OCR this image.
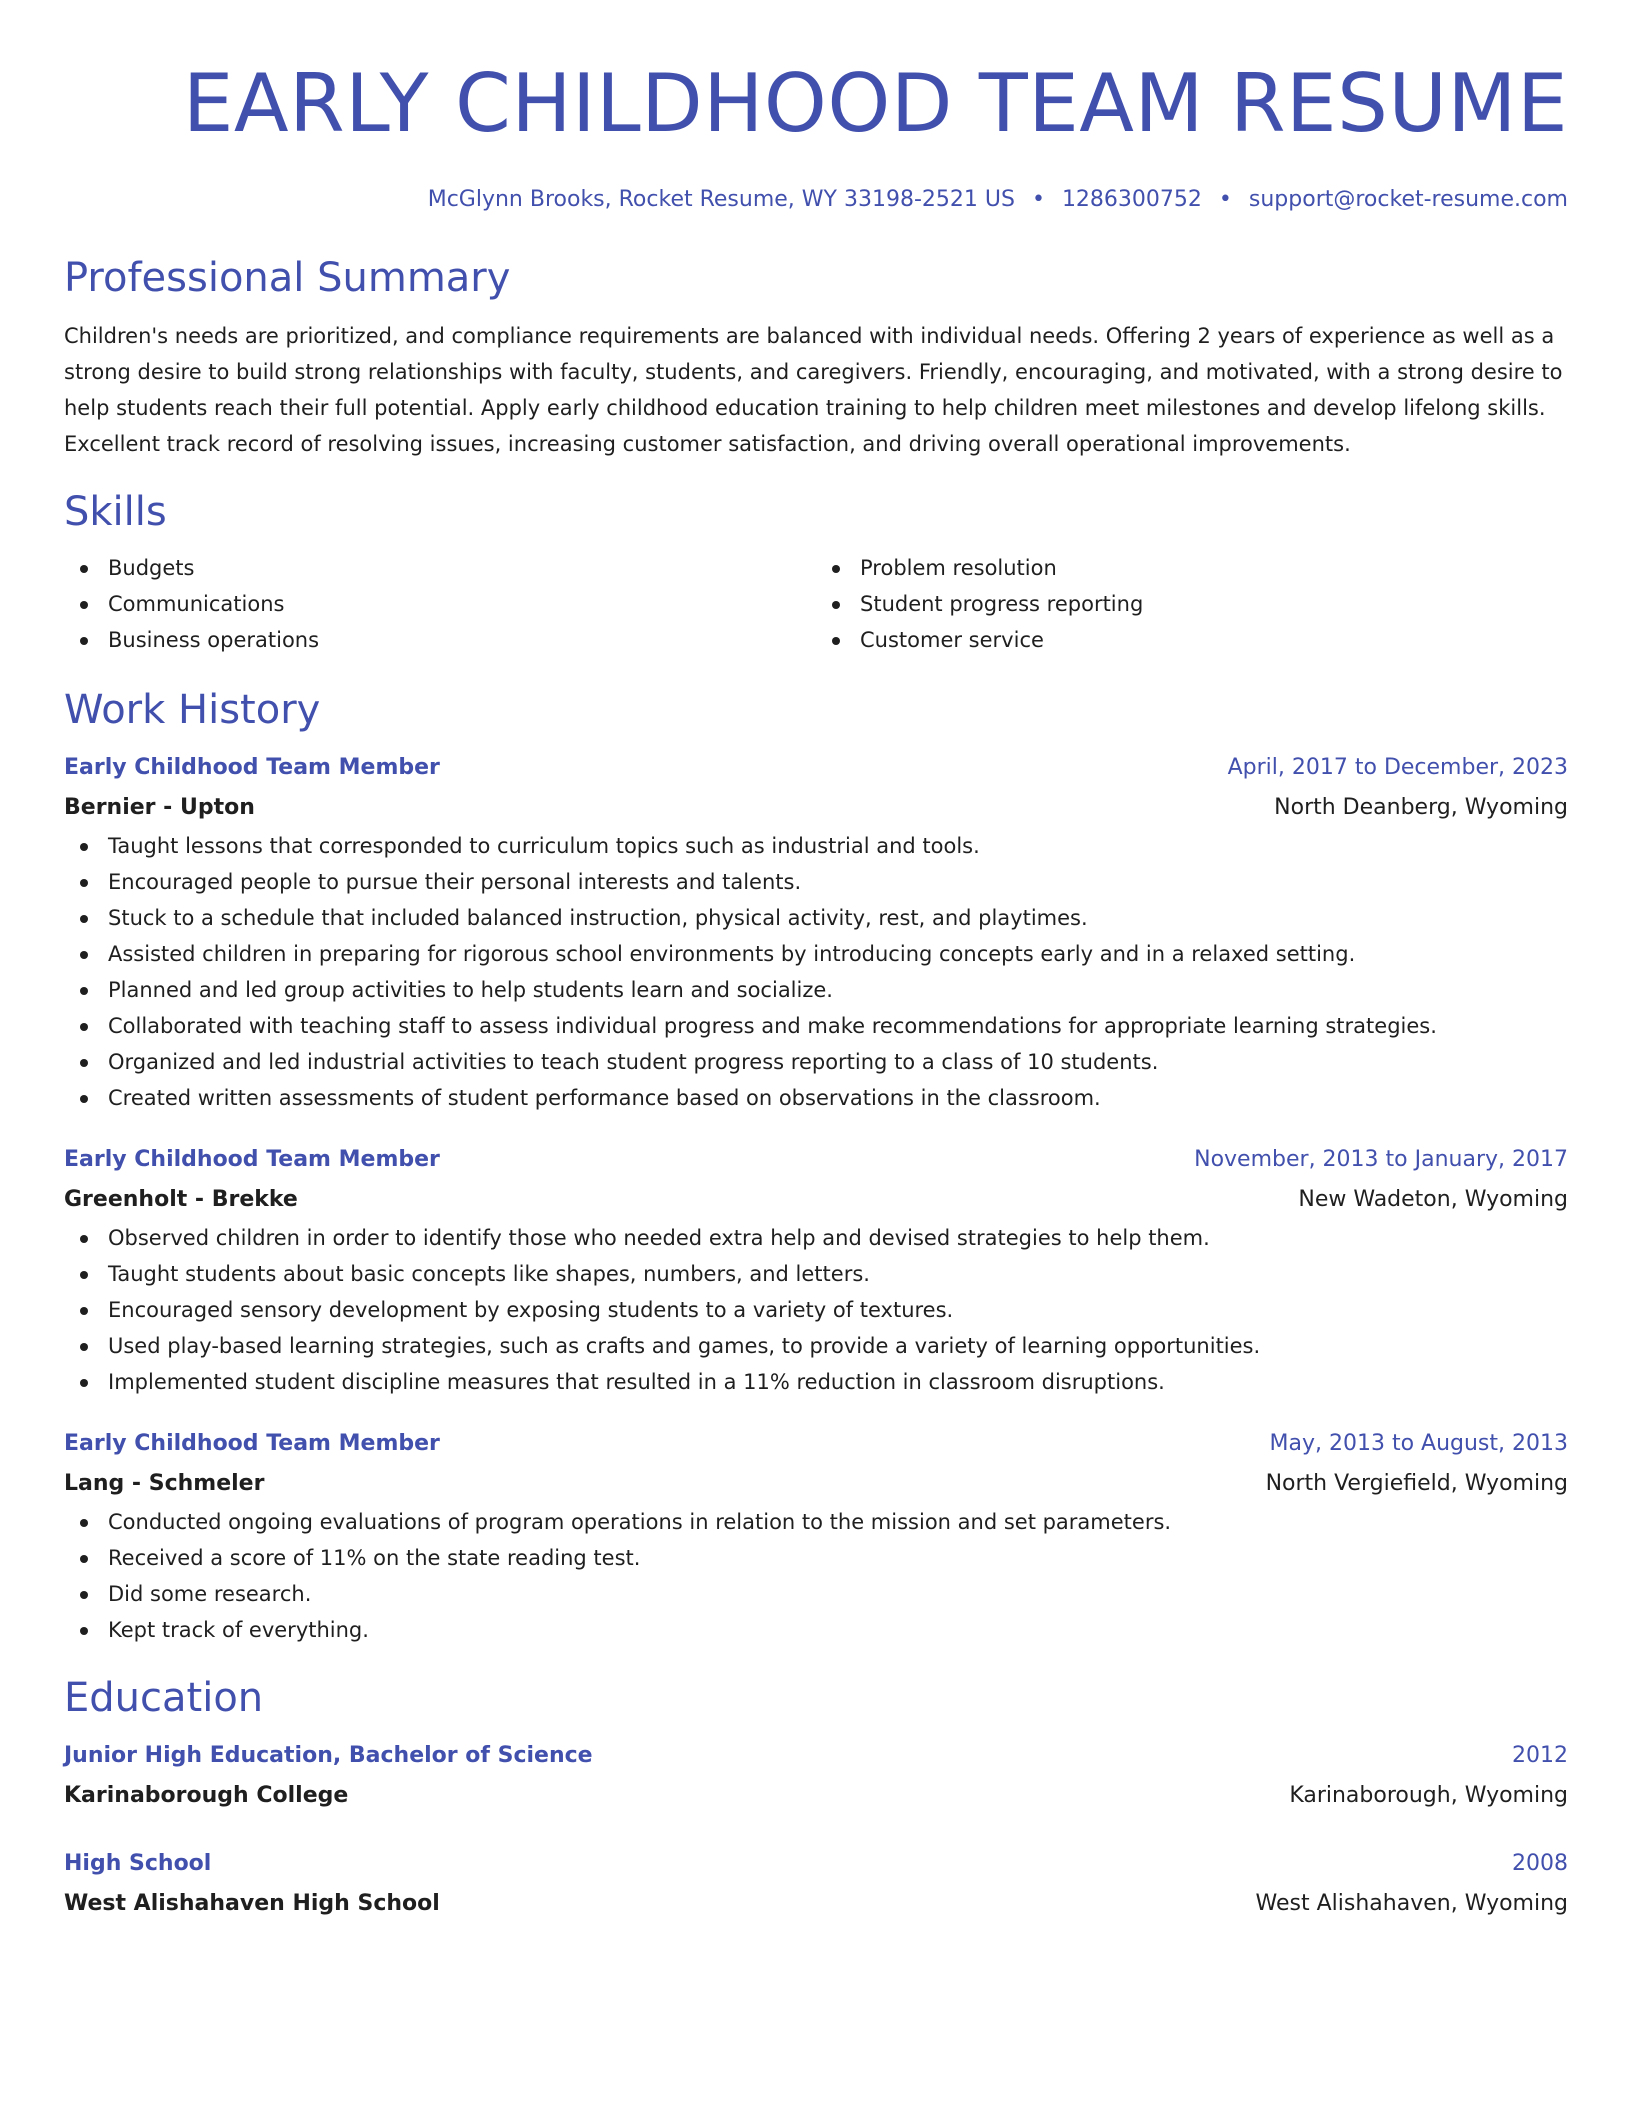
EARLY CHILDHOOD TEAM RESUME
McGlynn Brooks, Rocket Resume, WY 33198-2521 US • 1286300752 • support@rocket-resume.com
Professional Summary

Children's needs are prioritized, and compliance requirements are balanced with individual needs. Offering 2 years of experience as well as a strong desire to build strong relationships with faculty, students, and caregivers. Friendly, encouraging, and motivated, with a strong desire to help students reach their full potential. Apply early childhood education training to help children meet milestones and develop lifelong skills. Excellent track record of resolving issues, increasing customer satisfaction, and driving overall operational improvements.

Skills
Budgets
Communications
Business operations
Problem resolution
Student progress reporting
Customer service
Work History
Early Childhood Team Member	April, 2017 to December, 2023
Bernier - Upton	North Deanberg, Wyoming
Taught lessons that corresponded to curriculum topics such as industrial and tools.
Encouraged people to pursue their personal interests and talents.
Stuck to a schedule that included balanced instruction, physical activity, rest, and playtimes.
Assisted children in preparing for rigorous school environments by introducing concepts early and in a relaxed setting.
Planned and led group activities to help students learn and socialize.
Collaborated with teaching staff to assess individual progress and make recommendations for appropriate learning strategies.
Organized and led industrial activities to teach student progress reporting to a class of 10 students.
Created written assessments of student performance based on observations in the classroom.
Early Childhood Team Member	November, 2013 to January, 2017
Greenholt - Brekke	New Wadeton, Wyoming
Observed children in order to identify those who needed extra help and devised strategies to help them.
Taught students about basic concepts like shapes, numbers, and letters.
Encouraged sensory development by exposing students to a variety of textures.
Used play-based learning strategies, such as crafts and games, to provide a variety of learning opportunities.
Implemented student discipline measures that resulted in a 11% reduction in classroom disruptions.
Early Childhood Team Member	May, 2013 to August, 2013
Lang - Schmeler	North Vergiefield, Wyoming
Conducted ongoing evaluations of program operations in relation to the mission and set parameters.
Received a score of 11% on the state reading test.
Did some research.
Kept track of everything.
Education
Junior High Education, Bachelor of Science	2012
Karinaborough College	Karinaborough, Wyoming
High School	2008
West Alishahaven High School	West Alishahaven, Wyoming
